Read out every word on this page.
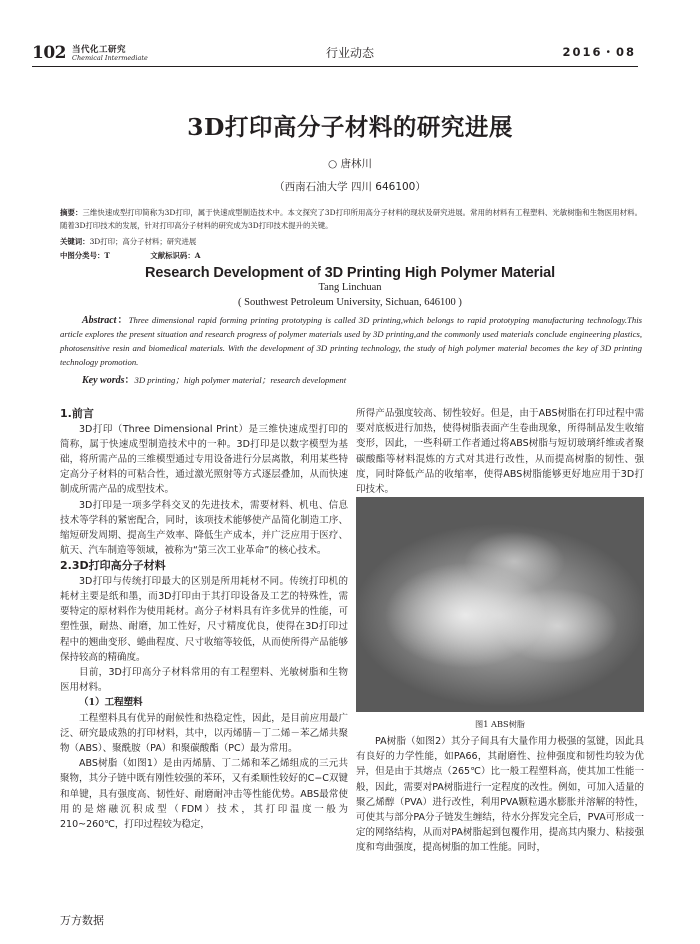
102 当代化工研究
Chemical Intermediate	行业动态	2016・08
3D打印高分子材料的研究进展
○ 唐林川
（西南石油大学 四川 646100）
摘要：三维快速成型打印简称为3D打印，属于快速成型制造技术中。本文探究了3D打印所用高分子材料的现状及研究进展。常用的材料有工程塑料、光敏树脂和生物医用材料。随着3D打印技术的发展，针对打印高分子材料的研究成为3D打印技术提升的关键。
关键词：3D打印；高分子材料；研究进展
中图分类号：T	文献标识码：A
Research Development of 3D Printing High Polymer Material
Tang Linchuan
( Southwest Petroleum University, Sichuan, 646100 )
Abstract：Three dimensional rapid forming printing prototyping is called 3D printing,which belongs to rapid prototyping manufacturing technology.This article explores the present situation and research progress of polymer materials used by 3D printing,and the commonly used materials conclude engineering plastics, photosensitive resin and biomedical materials. With the development of 3D printing technology, the study of high polymer material becomes the key of 3D printing technology promotion.
Key words：3D printing；high polymer material；research development
1.前言

3D打印（Three Dimensional Print）是三维快速成型打印的简称，属于快速成型制造技术中的一种。3D打印是以数字模型为基础，将所需产品的三维模型通过专用设备进行分层离散，利用某些特定高分子材料的可粘合性，通过激光照射等方式逐层叠加，从而快速制成所需产品的成型技术。

3D打印是一项多学科交叉的先进技术，需要材料、机电、信息技术等学科的紧密配合，同时，该项技术能够使产品简化制造工序、缩短研发周期、提高生产效率、降低生产成本，并广泛应用于医疗、航天、汽车制造等领域，被称为“第三次工业革命”的核心技术。

2.3D打印高分子材料

3D打印与传统打印最大的区别是所用耗材不同。传统打印机的耗材主要是纸和墨，而3D打印由于其打印设备及工艺的特殊性，需要特定的原材料作为使用耗材。高分子材料具有许多优异的性能，可塑性强，耐热、耐磨，加工性好，尺寸精度优良，使得在3D打印过程中的翘曲变形、蜷曲程度、尺寸收缩等较低，从而使所得产品能够保持较高的精确度。

目前，3D打印高分子材料常用的有工程塑料、光敏树脂和生物医用材料。

（1）工程塑料

工程塑料具有优异的耐候性和热稳定性，因此，是目前应用最广泛、研究最成熟的打印材料，其中，以丙烯腈－丁二烯－苯乙烯共聚物（ABS）、聚酰胺（PA）和聚碳酸酯（PC）最为常用。

ABS树脂（如图1）是由丙烯腈、丁二烯和苯乙烯组成的三元共聚物，其分子链中既有刚性较强的苯环，又有柔顺性较好的C−C双键和单键，具有强度高、韧性好、耐磨耐冲击等性能优势。ABS最常使用的是熔融沉积成型（FDM）技术，其打印温度一般为210~260℃，打印过程较为稳定，

所得产品强度较高、韧性较好。但是，由于ABS树脂在打印过程中需要对底板进行加热，使得树脂表面产生卷曲现象，所得制品发生收缩变形，因此，一些科研工作者通过将ABS树脂与短切玻璃纤维或者聚碳酸酯等材料混炼的方式对其进行改性，从而提高树脂的韧性、强度，同时降低产品的收缩率，使得ABS树脂能够更好地应用于3D打印技术。

图1 ABS树脂

PA树脂（如图2）其分子间具有大量作用力极强的氢键，因此具有良好的力学性能，如PA66，其耐磨性、拉伸强度和韧性均较为优异，但是由于其熔点（265℃）比一般工程塑料高，使其加工性能一般，因此，需要对PA树脂进行一定程度的改性。例如，可加入适量的聚乙烯醇（PVA）进行改性，利用PVA颗粒遇水膨胀并溶解的特性，可使其与部分PA分子链发生缠结，待水分挥发完全后，PVA可形成一定的网络结构，从而对PA树脂起到包覆作用，提高其内聚力、粘接强度和弯曲强度，提高树脂的加工性能。同时，

万方数据
